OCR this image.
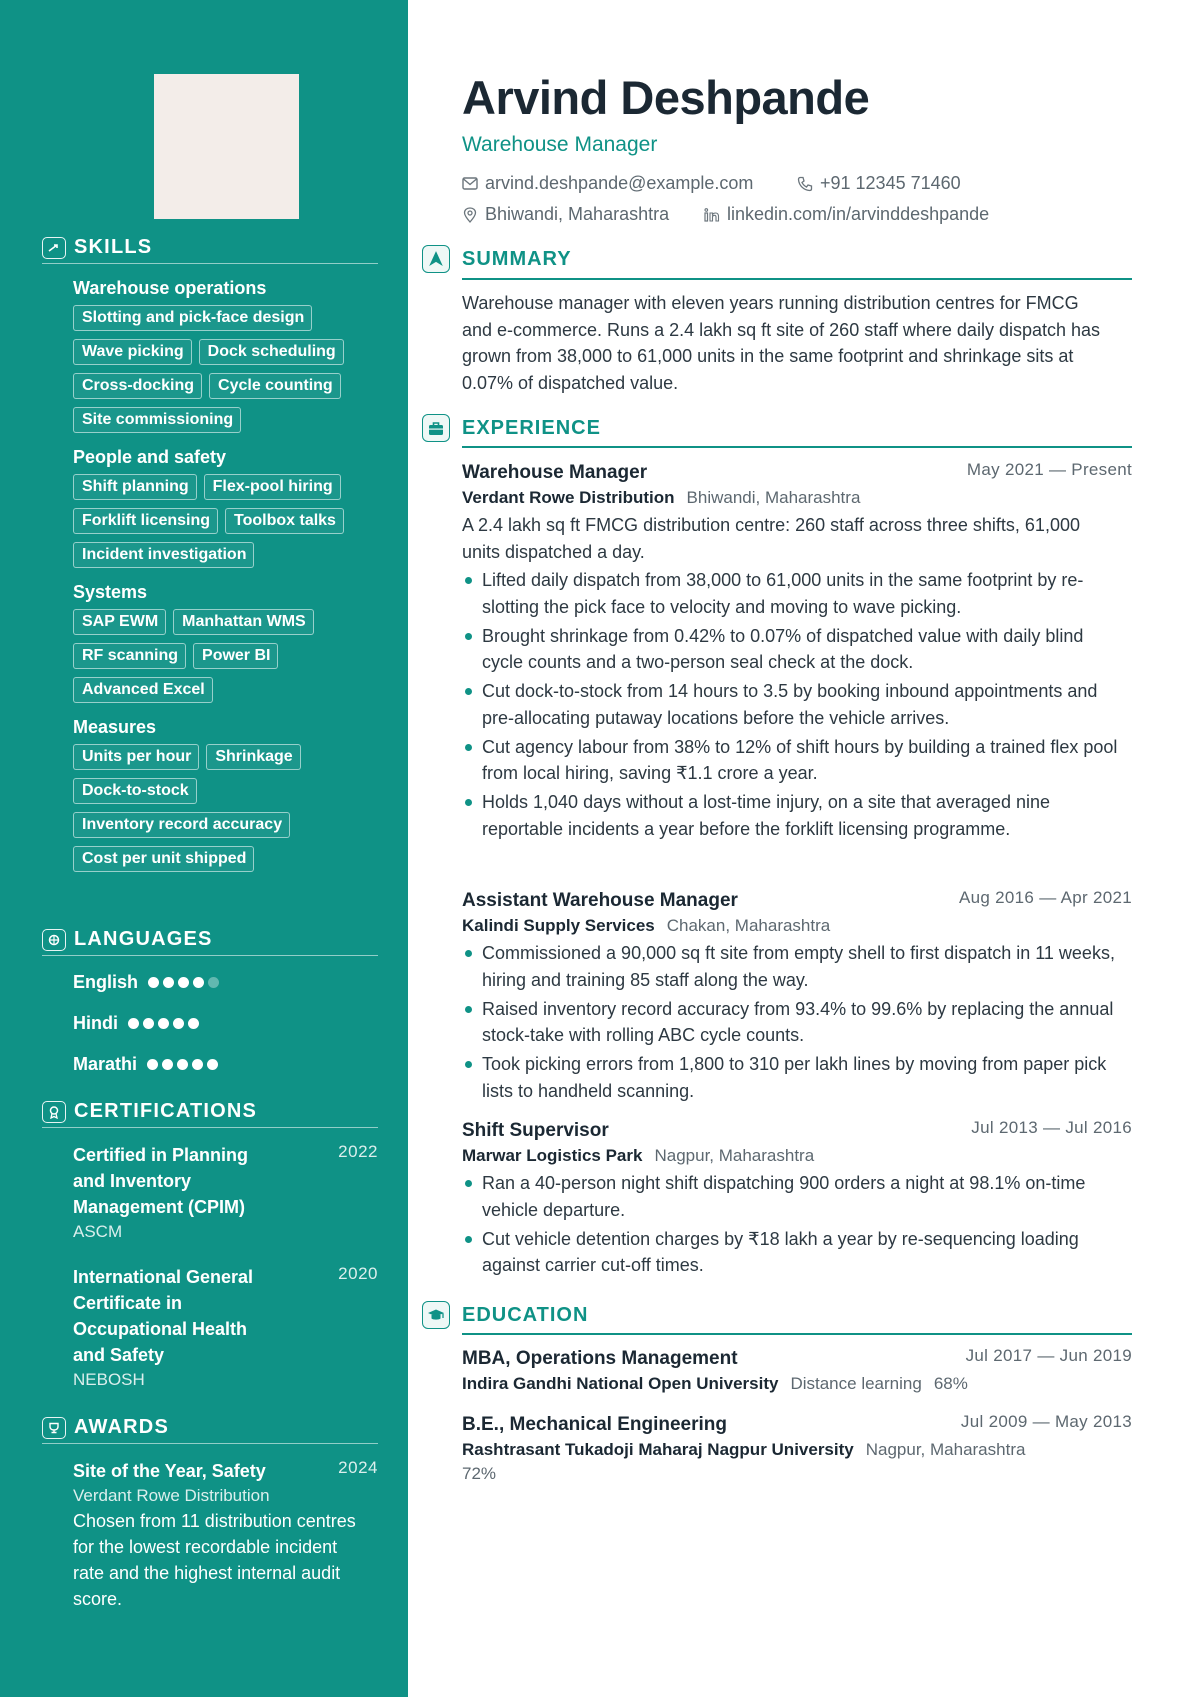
SKILLS
Warehouse operations
Slotting and pick-face design
Wave picking	Dock scheduling
Cross-docking	Cycle counting
Site commissioning
People and safety
Shift planning	Flex-pool hiring
Forklift licensing	Toolbox talks
Incident investigation
Systems
SAP EWM	Manhattan WMS
RF scanning	Power BI
Advanced Excel
Measures
Units per hour	Shrinkage
Dock-to-stock
Inventory record accuracy
Cost per unit shipped
LANGUAGES
English
Hindi
Marathi
CERTIFICATIONS
Certified in Planning and Inventory Management (CPIM)
2022
ASCM
International General Certificate in Occupational Health and Safety
2020
NEBOSH
AWARDS
Site of the Year, Safety	2024
Verdant Rowe Distribution
Chosen from 11 distribution centres for the lowest recordable incident rate and the highest internal audit score.
Arvind Deshpande
Warehouse Manager
arvind.deshpande@example.com	+91 12345 71460
Bhiwandi, Maharashtra	linkedin.com/in/arvinddeshpande
SUMMARY
Warehouse manager with eleven years running distribution centres for FMCG and e-commerce. Runs a 2.4 lakh sq ft site of 260 staff where daily dispatch has grown from 38,000 to 61,000 units in the same footprint and shrinkage sits at 0.07% of dispatched value.
EXPERIENCE
Warehouse Manager	May 2021 — Present
Verdant Rowe Distribution Bhiwandi, Maharashtra
A 2.4 lakh sq ft FMCG distribution centre: 260 staff across three shifts, 61,000 units dispatched a day.
Lifted daily dispatch from 38,000 to 61,000 units in the same footprint by re-slotting the pick face to velocity and moving to wave picking.
Brought shrinkage from 0.42% to 0.07% of dispatched value with daily blind cycle counts and a two-person seal check at the dock.
Cut dock-to-stock from 14 hours to 3.5 by booking inbound appointments and pre-allocating putaway locations before the vehicle arrives.
Cut agency labour from 38% to 12% of shift hours by building a trained flex pool from local hiring, saving ₹1.1 crore a year.
Holds 1,040 days without a lost-time injury, on a site that averaged nine reportable incidents a year before the forklift licensing programme.
Assistant Warehouse Manager	Aug 2016 — Apr 2021
Kalindi Supply Services Chakan, Maharashtra
Commissioned a 90,000 sq ft site from empty shell to first dispatch in 11 weeks, hiring and training 85 staff along the way.
Raised inventory record accuracy from 93.4% to 99.6% by replacing the annual stock-take with rolling ABC cycle counts.
Took picking errors from 1,800 to 310 per lakh lines by moving from paper pick lists to handheld scanning.
Shift Supervisor	Jul 2013 — Jul 2016
Marwar Logistics Park Nagpur, Maharashtra
Ran a 40-person night shift dispatching 900 orders a night at 98.1% on-time vehicle departure.
Cut vehicle detention charges by ₹18 lakh a year by re-sequencing loading against carrier cut-off times.
EDUCATION
MBA, Operations Management	Jul 2017 — Jun 2019
Indira Gandhi National Open University Distance learning 68%
B.E., Mechanical Engineering	Jul 2009 — May 2013
Rashtrasant Tukadoji Maharaj Nagpur University Nagpur, Maharashtra
72%
